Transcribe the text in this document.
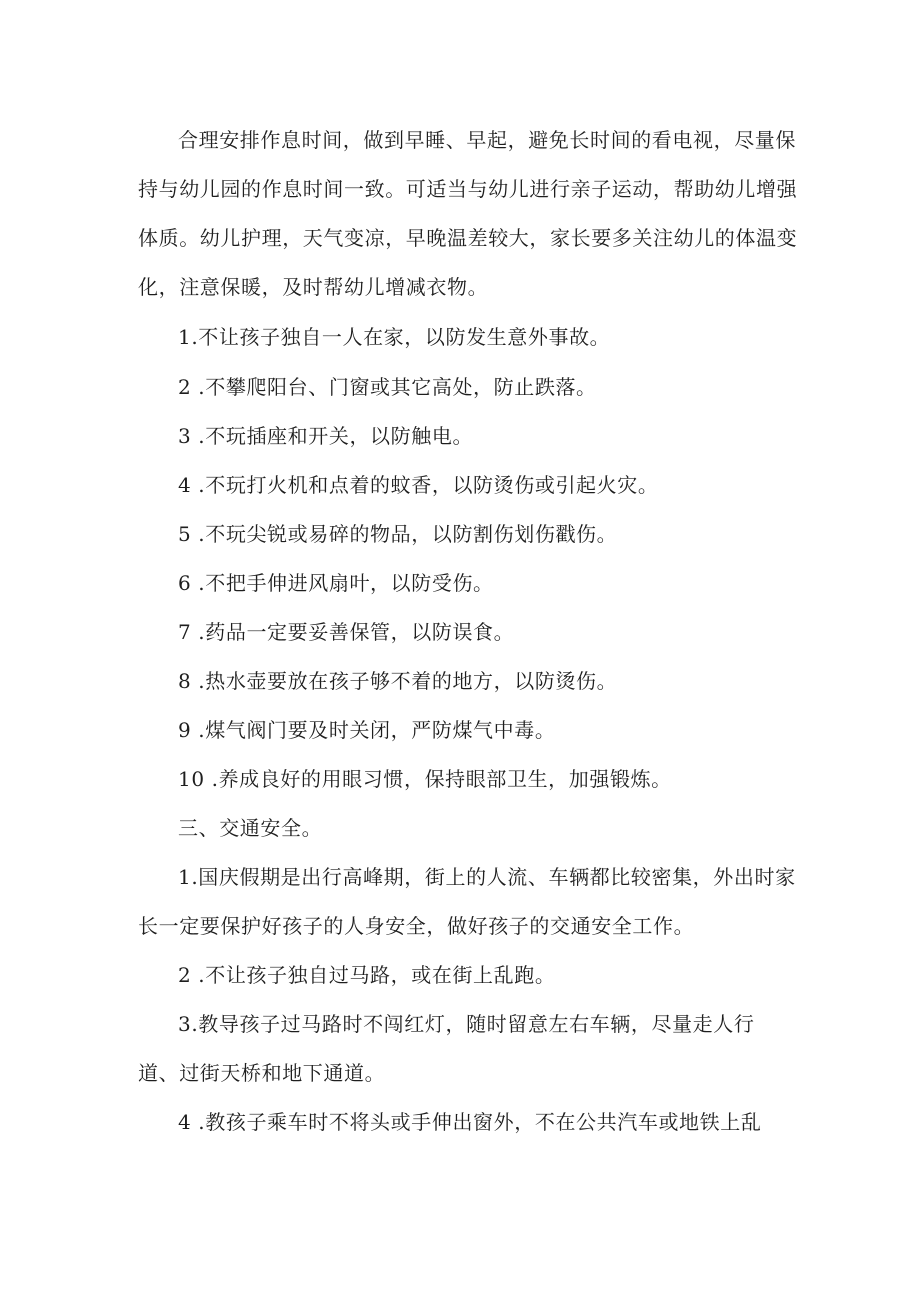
合理安排作息时间，做到早睡、早起，避免长时间的看电视，尽量保
持与幼儿园的作息时间一致。可适当与幼儿进行亲子运动，帮助幼儿增强
体质。幼儿护理，天气变凉，早晚温差较大，家长要多关注幼儿的体温变
化，注意保暖，及时帮幼儿增减衣物。
1.不让孩子独自一人在家，以防发生意外事故。
2 .不攀爬阳台、门窗或其它高处，防止跌落。
3 .不玩插座和开关，以防触电。
4 .不玩打火机和点着的蚊香，以防烫伤或引起火灾。
5 .不玩尖锐或易碎的物品，以防割伤划伤戳伤。
6 .不把手伸进风扇叶，以防受伤。
7 .药品一定要妥善保管，以防误食。
8 .热水壶要放在孩子够不着的地方，以防烫伤。
9 .煤气阀门要及时关闭，严防煤气中毒。
10 .养成良好的用眼习惯，保持眼部卫生，加强锻炼。
三、交通安全。
1.国庆假期是出行高峰期，街上的人流、车辆都比较密集，外出时家
长一定要保护好孩子的人身安全，做好孩子的交通安全工作。
2 .不让孩子独自过马路，或在街上乱跑。
3.教导孩子过马路时不闯红灯，随时留意左右车辆，尽量走人行
道、过街天桥和地下通道。
4 .教孩子乘车时不将头或手伸出窗外，不在公共汽车或地铁上乱
